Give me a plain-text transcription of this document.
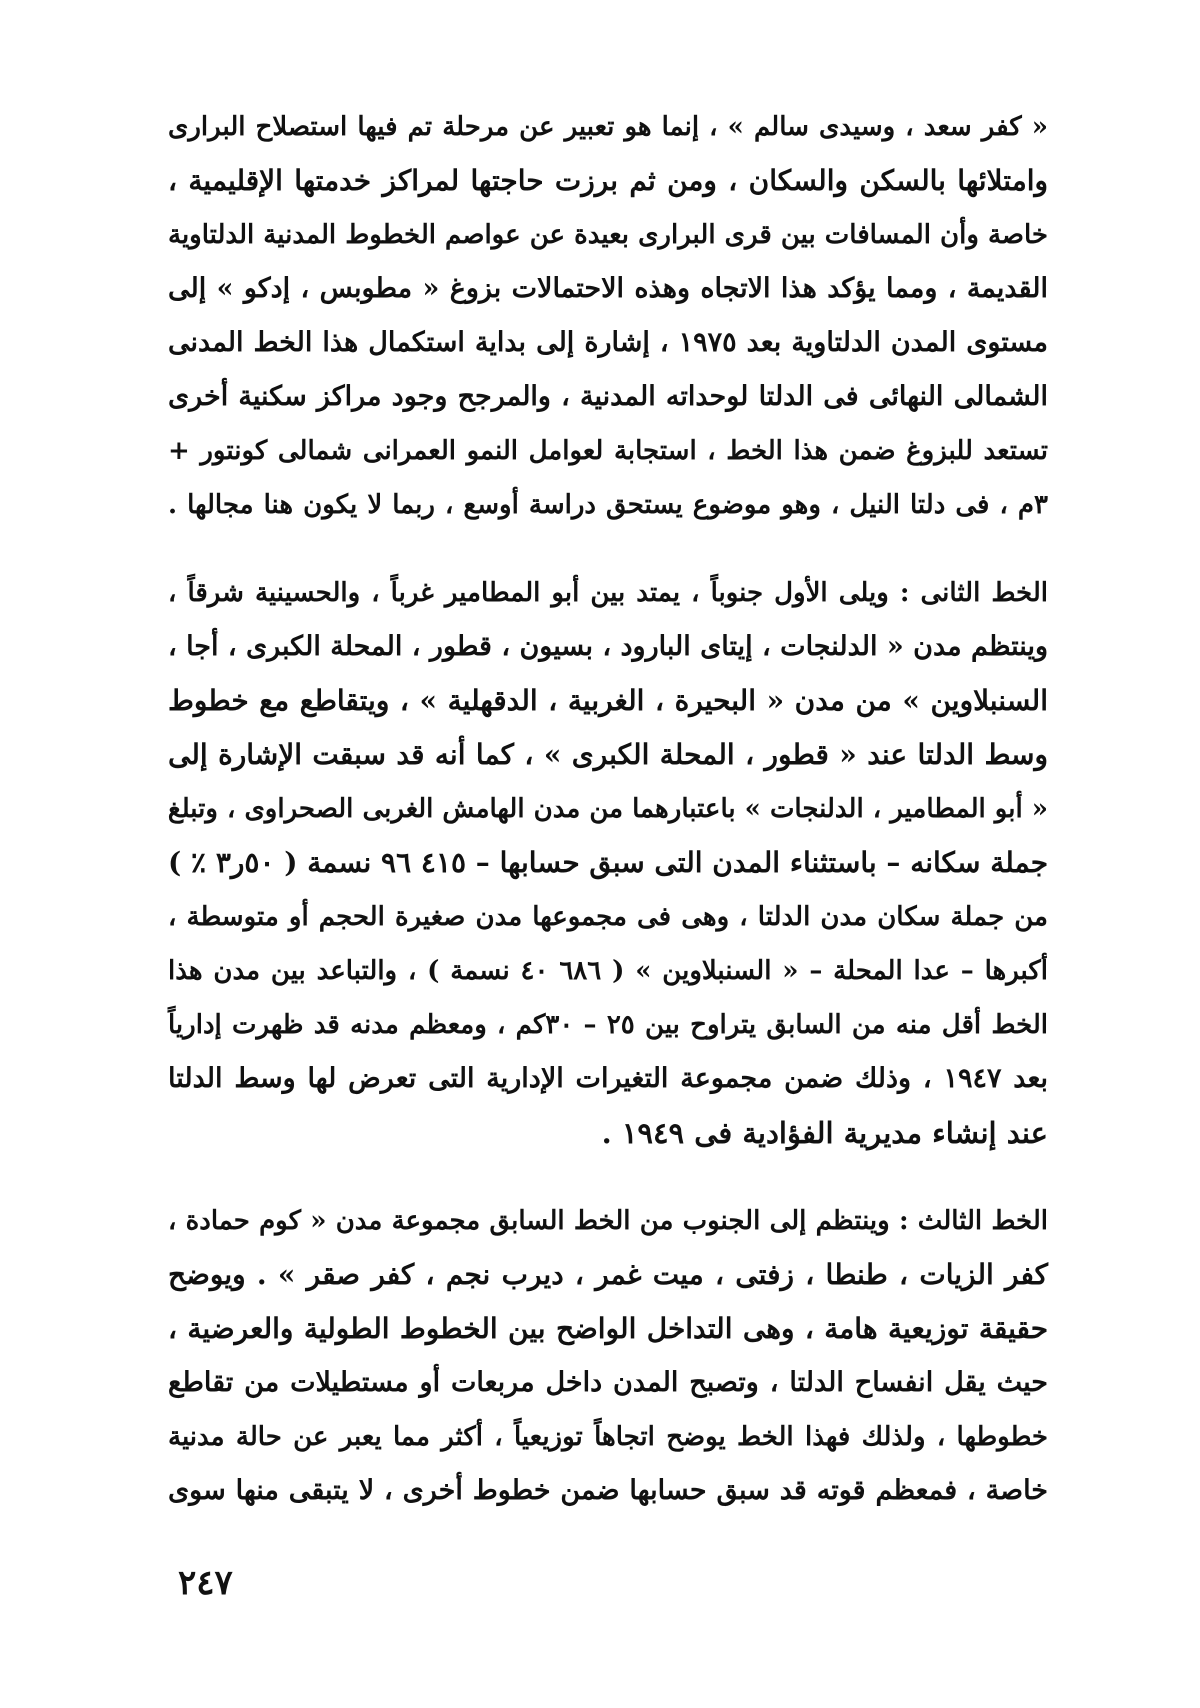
« كفر سعد ، وسيدى سالم » ، إنما هو تعبير عن مرحلة تم فيها استصلاح البرارى
وامتلائها بالسكن والسكان ، ومن ثم برزت حاجتها لمراكز خدمتها الإقليمية ،
خاصة وأن المسافات بين قرى البرارى بعيدة عن عواصم الخطوط المدنية الدلتاوية
القديمة ، ومما يؤكد هذا الاتجاه وهذه الاحتمالات بزوغ « مطوبس ، إدكو » إلى
مستوى المدن الدلتاوية بعد ١٩٧٥ ، إشارة إلى بداية استكمال هذا الخط المدنى
الشمالى النهائى فى الدلتا لوحداته المدنية ، والمرجح وجود مراكز سكنية أخرى
تستعد للبزوغ ضمن هذا الخط ، استجابة لعوامل النمو العمرانى شمالى كونتور +
٣م ، فى دلتا النيل ، وهو موضوع يستحق دراسة أوسع ، ربما لا يكون هنا مجالها .
الخط الثانى : ويلى الأول جنوباً ، يمتد بين أبو المطامير غرباً ، والحسينية شرقاً ،
وينتظم مدن « الدلنجات ، إيتاى البارود ، بسيون ، قطور ، المحلة الكبرى ، أجا ،
السنبلاوين » من مدن « البحيرة ، الغربية ، الدقهلية » ، ويتقاطع مع خطوط
وسط الدلتا عند « قطور ، المحلة الكبرى » ، كما أنه قد سبقت الإشارة إلى
« أبو المطامير ، الدلنجات » باعتبارهما من مدن الهامش الغربى الصحراوى ، وتبلغ
جملة سكانه – باستثناء المدن التى سبق حسابها – ٤١٥ ٩٦ نسمة ( ٥٠ر٣ ٪ )
من جملة سكان مدن الدلتا ، وهى فى مجموعها مدن صغيرة الحجم أو متوسطة ،
أكبرها – عدا المحلة – « السنبلاوين » ( ٦٨٦ ٤٠ نسمة ) ، والتباعد بين مدن هذا
الخط أقل منه من السابق يتراوح بين ٢٥ – ٣٠كم ، ومعظم مدنه قد ظهرت إدارياً
بعد ١٩٤٧ ، وذلك ضمن مجموعة التغيرات الإدارية التى تعرض لها وسط الدلتا
عند إنشاء مديرية الفؤادية فى ١٩٤٩ .
الخط الثالث : وينتظم إلى الجنوب من الخط السابق مجموعة مدن « كوم حمادة ،
كفر الزيات ، طنطا ، زفتى ، ميت غمر ، ديرب نجم ، كفر صقر » . ويوضح
حقيقة توزيعية هامة ، وهى التداخل الواضح بين الخطوط الطولية والعرضية ،
حيث يقل انفساح الدلتا ، وتصبح المدن داخل مربعات أو مستطيلات من تقاطع
خطوطها ، ولذلك فهذا الخط يوضح اتجاهاً توزيعياً ، أكثر مما يعبر عن حالة مدنية
خاصة ، فمعظم قوته قد سبق حسابها ضمن خطوط أخرى ، لا يتبقى منها سوى
٢٤٧
